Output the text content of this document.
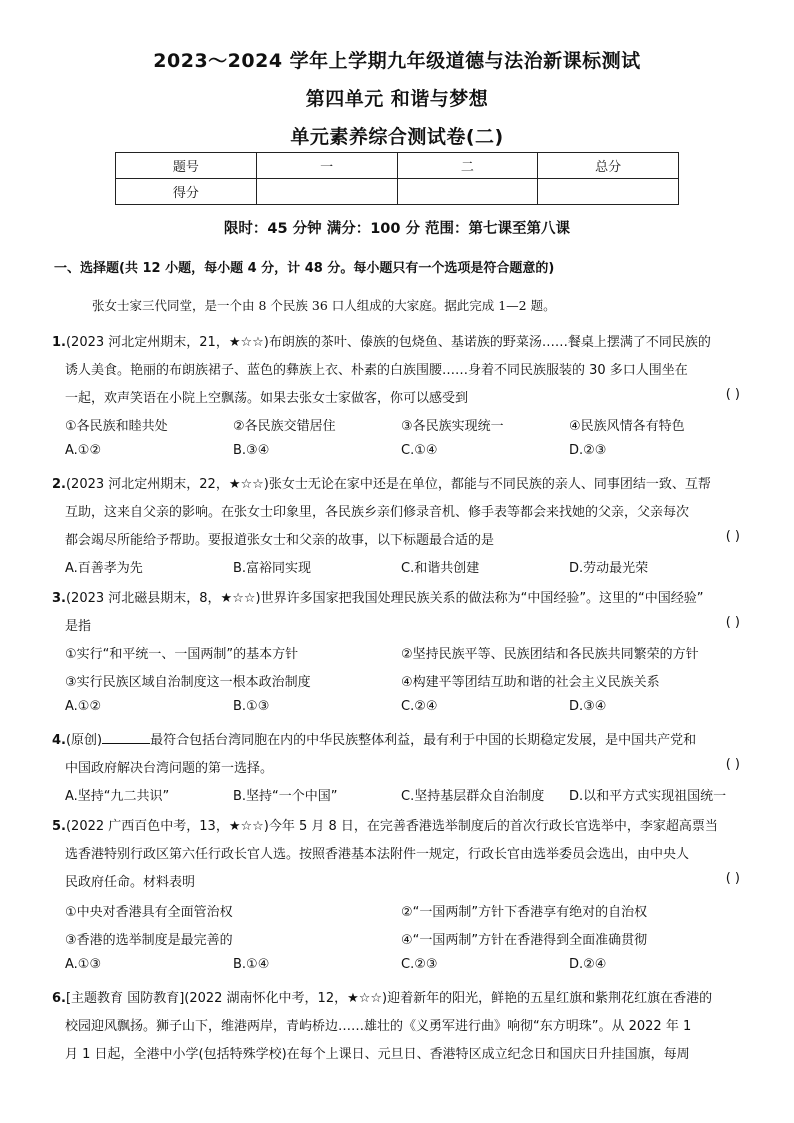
2023～2024 学年上学期九年级道德与法治新课标测试
第四单元 和谐与梦想
单元素养综合测试卷(二)
题号	一	二	总分
得分			
限时：45 分钟 满分：100 分 范围：第七课至第八课
一、选择题(共 12 小题，每小题 4 分，计 48 分。每小题只有一个选项是符合题意的)
张女士家三代同堂，是一个由 8 个民族 36 口人组成的大家庭。据此完成 1—2 题。
1.(2023 河北定州期末，21，★☆☆)布朗族的茶叶、傣族的包烧鱼、基诺族的野菜汤……餐桌上摆满了不同民族的
诱人美食。艳丽的布朗族裙子、蓝色的彝族上衣、朴素的白族围腰……身着不同民族服装的 30 多口人围坐在
一起，欢声笑语在小院上空飘荡。如果去张女士家做客，你可以感受到	( )
①各民族和睦共处	②各民族交错居住	③各民族实现统一	④民族风情各有特色
A.①②	B.③④	C.①④	D.②③
2.(2023 河北定州期末，22，★☆☆)张女士无论在家中还是在单位，都能与不同民族的亲人、同事团结一致、互帮
互助，这来自父亲的影响。在张女士印象里，各民族乡亲们修录音机、修手表等都会来找她的父亲，父亲每次
都会竭尽所能给予帮助。要报道张女士和父亲的故事，以下标题最合适的是	( )
A.百善孝为先	B.富裕同实现	C.和谐共创建	D.劳动最光荣
3.(2023 河北磁县期末，8，★☆☆)世界许多国家把我国处理民族关系的做法称为“中国经验”。这里的“中国经验”
是指	( )
①实行“和平统一、一国两制”的基本方针	②坚持民族平等、民族团结和各民族共同繁荣的方针
③实行民族区域自治制度这一根本政治制度	④构建平等团结互助和谐的社会主义民族关系
A.①②	B.①③	C.②④	D.③④
4.(原创)	最符合包括台湾同胞在内的中华民族整体利益，最有利于中国的长期稳定发展，是中国共产党和
中国政府解决台湾问题的第一选择。	( )
A.坚持“九二共识”	B.坚持“一个中国”	C.坚持基层群众自治制度 D.以和平方式实现祖国统一
5.(2022 广西百色中考，13，★☆☆)今年 5 月 8 日，在完善香港选举制度后的首次行政长官选举中，李家超高票当
选香港特别行政区第六任行政长官人选。按照香港基本法附件一规定，行政长官由选举委员会选出，由中央人
民政府任命。材料表明	( )
①中央对香港具有全面管治权	②“一国两制”方针下香港享有绝对的自治权
③香港的选举制度是最完善的	④“一国两制”方针在香港得到全面准确贯彻
A.①③	B.①④	C.②③	D.②④
6.[主题教育 国防教育](2022 湖南怀化中考，12，★☆☆)迎着新年的阳光，鲜艳的五星红旗和紫荆花红旗在香港的
校园迎风飘扬。狮子山下，维港两岸，青屿桥边……雄壮的《义勇军进行曲》响彻“东方明珠”。从 2022 年 1
月 1 日起，全港中小学(包括特殊学校)在每个上课日、元旦日、香港特区成立纪念日和国庆日升挂国旗，每周
